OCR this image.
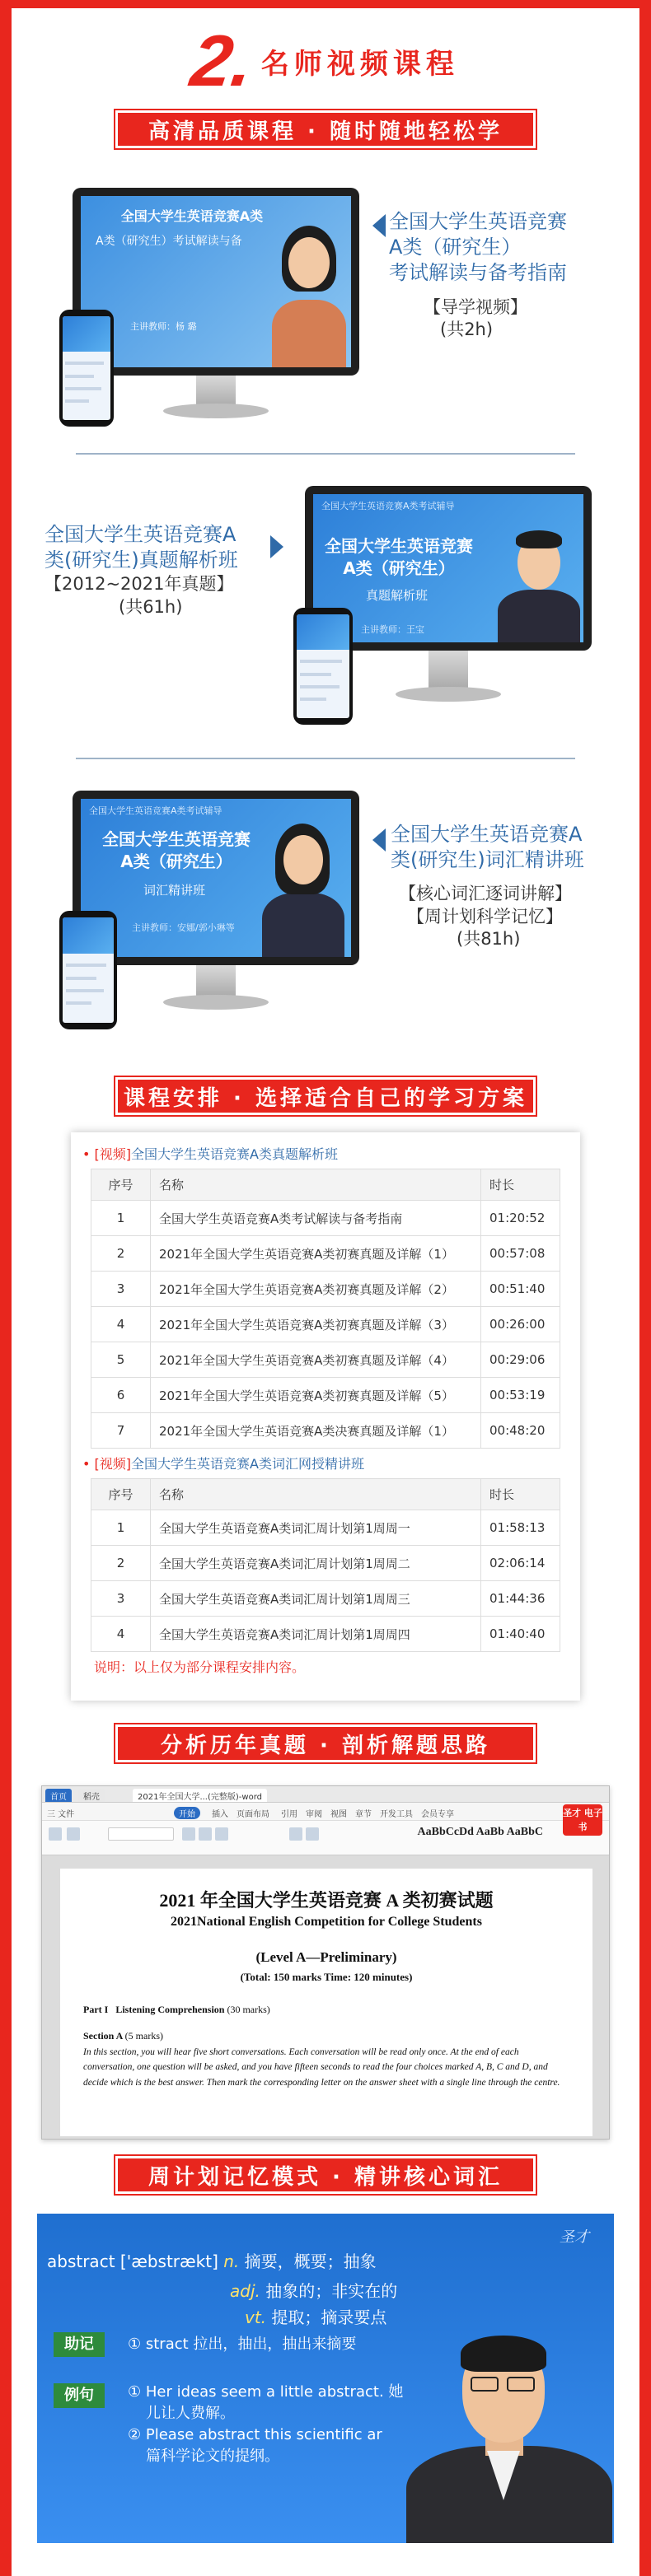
2. 名师视频课程
高清品质课程 · 随时随地轻松学
全国大学生英语竞赛A类
A类（研究生）考试解读与备
主讲教师：杨 璐
全国大学生英语竞赛
A类（研究生）
考试解读与备考指南
【导学视频】
(共2h)
全国大学生英语竞赛A
类(研究生)真题解析班
【2012~2021年真题】
(共61h)
全国大学生英语竞赛A类考试辅导
全国大学生英语竞赛
A类（研究生）
真题解析班
主讲教师：王宝
全国大学生英语竞赛A类考试辅导
全国大学生英语竞赛
A类（研究生）
词汇精讲班
主讲教师：安娜/郭小琳等
全国大学生英语竞赛A
类(研究生)词汇精讲班
【核心词汇逐词讲解】
【周计划科学记忆】
(共81h)
课程安排 · 选择适合自己的学习方案
• [视频]全国大学生英语竞赛A类真题解析班
序号	名称	时长
1	全国大学生英语竞赛A类考试解读与备考指南	01:20:52
2	2021年全国大学生英语竞赛A类初赛真题及详解（1）	00:57:08
3	2021年全国大学生英语竞赛A类初赛真题及详解（2）	00:51:40
4	2021年全国大学生英语竞赛A类初赛真题及详解（3）	00:26:00
5	2021年全国大学生英语竞赛A类初赛真题及详解（4）	00:29:06
6	2021年全国大学生英语竞赛A类初赛真题及详解（5）	00:53:19
7	2021年全国大学生英语竞赛A类决赛真题及详解（1）	00:48:20
• [视频]全国大学生英语竞赛A类词汇网授精讲班
序号	名称	时长
1	全国大学生英语竞赛A类词汇周计划第1周周一	01:58:13
2	全国大学生英语竞赛A类词汇周计划第1周周二	02:06:14
3	全国大学生英语竞赛A类词汇周计划第1周周三	01:44:36
4	全国大学生英语竞赛A类词汇周计划第1周周四	01:40:40
说明：以上仅为部分课程安排内容。
分析历年真题 · 剖析解题思路
首页	稻壳	2021年全国大学...(完整版)-word
三 文件	开始	插入 页面布局 引用 审阅 视图 章节 开发工具 会员专享
AaBbCcDd AaBb AaBbC
圣才 电子书
2021 年全国大学生英语竞赛 A 类初赛试题
2021National English Competition for College Students
(Level A—Preliminary)
(Total: 150 marks Time: 120 minutes)
Part I Listening Comprehension (30 marks)
Section A (5 marks)
In this section, you will hear five short conversations. Each conversation will be read only once. At the end of each conversation, one question will be asked, and you have fifteen seconds to read the four choices marked A, B, C and D, and decide which is the best answer. Then mark the corresponding letter on the answer sheet with a single line through the centre.
周计划记忆模式 · 精讲核心词汇
圣才
abstract ['æbstrækt] n. 摘要，概要；抽象
adj. 抽象的；非实在的
vt. 提取；摘录要点
助记	① stract 拉出，抽出，抽出来摘要
例句	① Her ideas seem a little abstract. 她
儿让人费解。
② Please abstract this scientific ar
篇科学论文的提纲。
